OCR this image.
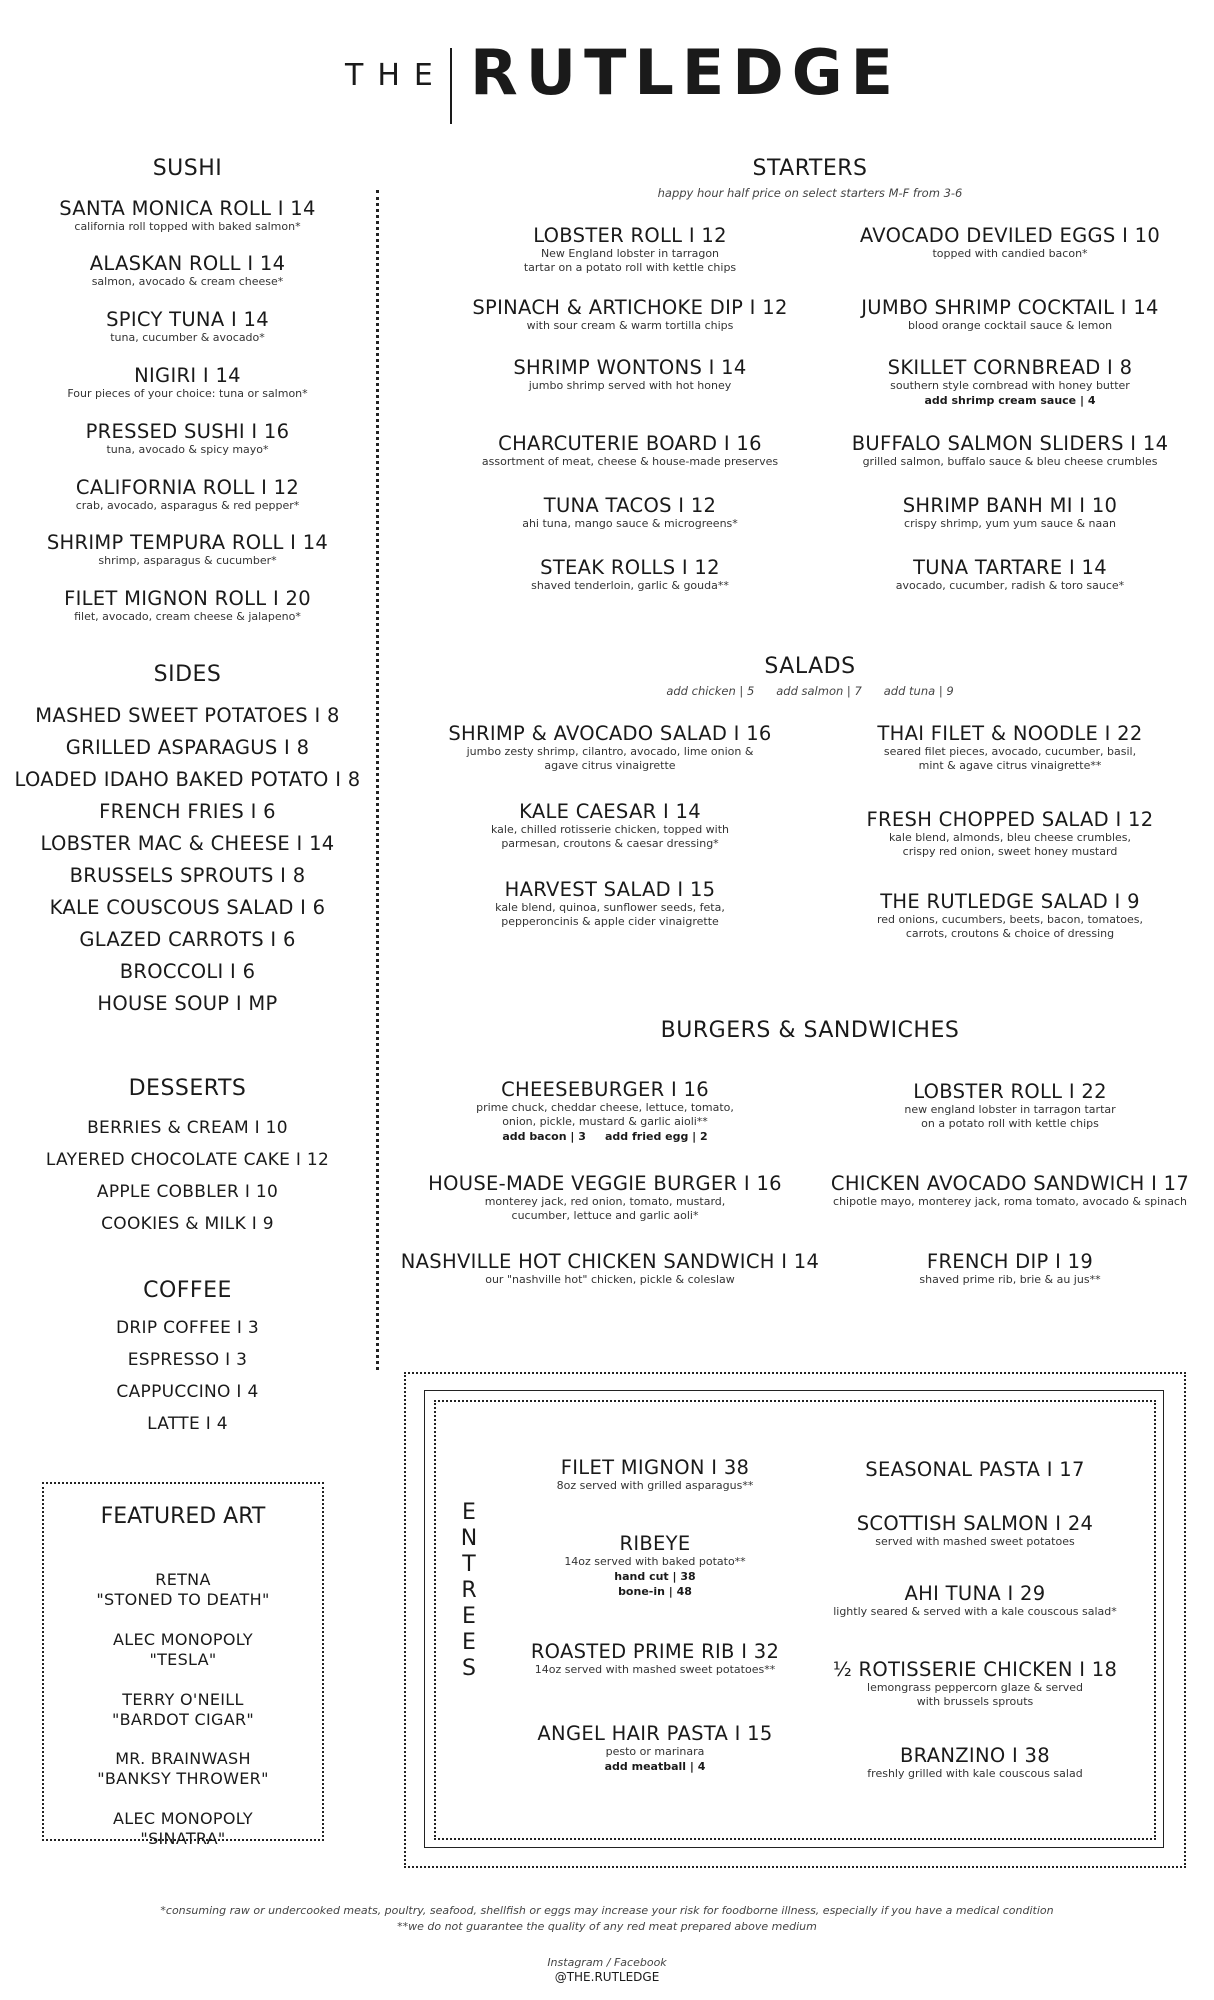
THE RUTLEDGE
SUSHI
SANTA MONICA ROLL I 14
california roll topped with baked salmon*
ALASKAN ROLL I 14
salmon, avocado & cream cheese*
SPICY TUNA I 14
tuna, cucumber & avocado*
NIGIRI I 14
Four pieces of your choice: tuna or salmon*
PRESSED SUSHI I 16
tuna, avocado & spicy mayo*
CALIFORNIA ROLL I 12
crab, avocado, asparagus & red pepper*
SHRIMP TEMPURA ROLL I 14
shrimp, asparagus & cucumber*
FILET MIGNON ROLL I 20
filet, avocado, cream cheese & jalapeno*
SIDES
MASHED SWEET POTATOES I 8
GRILLED ASPARAGUS I 8
LOADED IDAHO BAKED POTATO I 8
FRENCH FRIES I 6
LOBSTER MAC & CHEESE I 14
BRUSSELS SPROUTS I 8
KALE COUSCOUS SALAD I 6
GLAZED CARROTS I 6
BROCCOLI I 6
HOUSE SOUP I MP
DESSERTS
BERRIES & CREAM I 10
LAYERED CHOCOLATE CAKE I 12
APPLE COBBLER I 10
COOKIES & MILK I 9
COFFEE
DRIP COFFEE I 3
ESPRESSO I 3
CAPPUCCINO I 4
LATTE I 4
FEATURED ART
RETNA
"STONED TO DEATH"
ALEC MONOPOLY
"TESLA"
TERRY O'NEILL
"BARDOT CIGAR"
MR. BRAINWASH
"BANKSY THROWER"
ALEC MONOPOLY
"SINATRA"
STARTERS
happy hour half price on select starters M-F from 3-6
LOBSTER ROLL I 12
New England lobster in tarragon
tartar on a potato roll with kettle chips
SPINACH & ARTICHOKE DIP I 12
with sour cream & warm tortilla chips
SHRIMP WONTONS I 14
jumbo shrimp served with hot honey
CHARCUTERIE BOARD I 16
assortment of meat, cheese & house-made preserves
TUNA TACOS I 12
ahi tuna, mango sauce & microgreens*
STEAK ROLLS I 12
shaved tenderloin, garlic & gouda**
AVOCADO DEVILED EGGS I 10
topped with candied bacon*
JUMBO SHRIMP COCKTAIL I 14
blood orange cocktail sauce & lemon
SKILLET CORNBREAD I 8
southern style cornbread with honey butter
add shrimp cream sauce | 4
BUFFALO SALMON SLIDERS I 14
grilled salmon, buffalo sauce & bleu cheese crumbles
SHRIMP BANH MI I 10
crispy shrimp, yum yum sauce & naan
TUNA TARTARE I 14
avocado, cucumber, radish & toro sauce*
SALADS
add chicken | 5 add salmon | 7 add tuna | 9
SHRIMP & AVOCADO SALAD I 16
jumbo zesty shrimp, cilantro, avocado, lime onion &
agave citrus vinaigrette
KALE CAESAR I 14
kale, chilled rotisserie chicken, topped with
parmesan, croutons & caesar dressing*
HARVEST SALAD I 15
kale blend, quinoa, sunflower seeds, feta,
pepperoncinis & apple cider vinaigrette
THAI FILET & NOODLE I 22
seared filet pieces, avocado, cucumber, basil,
mint & agave citrus vinaigrette**
FRESH CHOPPED SALAD I 12
kale blend, almonds, bleu cheese crumbles,
crispy red onion, sweet honey mustard
THE RUTLEDGE SALAD I 9
red onions, cucumbers, beets, bacon, tomatoes,
carrots, croutons & choice of dressing
BURGERS & SANDWICHES
CHEESEBURGER I 16
prime chuck, cheddar cheese, lettuce, tomato,
onion, pickle, mustard & garlic aioli**
add bacon | 3     add fried egg | 2
HOUSE-MADE VEGGIE BURGER I 16
monterey jack, red onion, tomato, mustard,
cucumber, lettuce and garlic aoli*
NASHVILLE HOT CHICKEN SANDWICH I 14
our "nashville hot" chicken, pickle & coleslaw
LOBSTER ROLL I 22
new england lobster in tarragon tartar
on a potato roll with kettle chips
CHICKEN AVOCADO SANDWICH I 17
chipotle mayo, monterey jack, roma tomato, avocado & spinach
FRENCH DIP I 19
shaved prime rib, brie & au jus**
ENTREES
FILET MIGNON I 38
8oz served with grilled asparagus**
RIBEYE
14oz served with baked potato**
hand cut | 38
bone-in | 48
ROASTED PRIME RIB I 32
14oz served with mashed sweet potatoes**
ANGEL HAIR PASTA I 15
pesto or marinara
add meatball | 4
SEASONAL PASTA I 17
SCOTTISH SALMON I 24
served with mashed sweet potatoes
AHI TUNA I 29
lightly seared & served with a kale couscous salad*
½ ROTISSERIE CHICKEN I 18
lemongrass peppercorn glaze & served
with brussels sprouts
BRANZINO I 38
freshly grilled with kale couscous salad
*consuming raw or undercooked meats, poultry, seafood, shellfish or eggs may increase your risk for foodborne illness, especially if you have a medical condition
**we do not guarantee the quality of any red meat prepared above medium
Instagram / Facebook
@THE.RUTLEDGE
